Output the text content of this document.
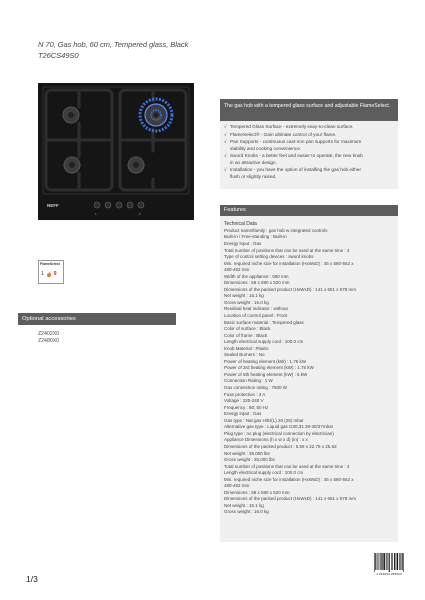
N 70, Gas hob, 60 cm, Tempered glass, Black
T26CS49S0
NEFF
1	9
FlameSelect
1 9
Optional accessories
Z2402X0
Z2480X0
1/3
The gas hob with a tempered glass surface and adjustable FlameSelect.
√ Tempered Glass Surface - extremely easy-to-clean surface.
√ FlameSelect® - Gain ultimate control of your flame.
√ Pan Supports - continuous cast-iron pan supports for maximum
stability and cooking convenience.
√ Sword Knobs - a better feel and easier to operate, the new knob
in an attractive design.
√ Installation - you have the option of installing the gas hob either
flush or slightly raised.
Features
Technical Data
Product name/family : gas hob w integrated controls
Built-in / Free-standing : Built-in
Energy input : Gas
Total number of positions that can be used at the same time : 4
Type of control setting devices : sword knobs
Min. required niche size for installation (HxWxD) : 45 x 560-562 x
480-492 mm
Width of the appliance : 590 mm
Dimensions : 58 x 590 x 520 mm
Dimensions of the packed product (HxWxD) : 141 x 651 x 578 mm
Net weight : 15.1 kg
Gross weight : 16.0 kg
Residual heat indicator : without
Location of control panel : Front
Basic surface material : Tempered glass
Color of surface : Black
Color of frame : Black
Length electrical supply cord : 100.0 cm
Knob Material : Plastic
Sealed Burners : No
Power of heating element (kW) : 1.75 kW
Power of 3rd heating element (kW) : 1.75 kW
Power of 5th heating element (kW) : 5 kW
Connection Rating : 1 W
Gas connection rating : 7500 W
Fuse protection : 3 A
Voltage : 220-240 V
Frequency : 60; 50 Hz
Energy input : Gas
Gas type : Nat gas H/E/(L) 20 (25) mbar
Alternative gas type : Liquid gas G30,31 28-30/37mbar
Plug type : no plug (electrical connection by electrician)
Appliance Dimensions (h x w x d) (in) : x x
Dimensions of the packed product : 5.55 x 22.75 x 25.62
Net weight : 35.000 lbs
Gross weight : 35.000 lbs
Total number of positions that can be used at the same time : 4
Length electrical supply cord : 100.0 cm
Min. required niche size for installation (HxWxD) : 45 x 560-562 x
480-492 mm
Dimensions : 58 x 590 x 520 mm
Dimensions of the packed product (HxWxD) : 141 x 651 x 578 mm
Net weight : 15.1 kg
Gross weight : 16.0 kg
4 242004 255522
